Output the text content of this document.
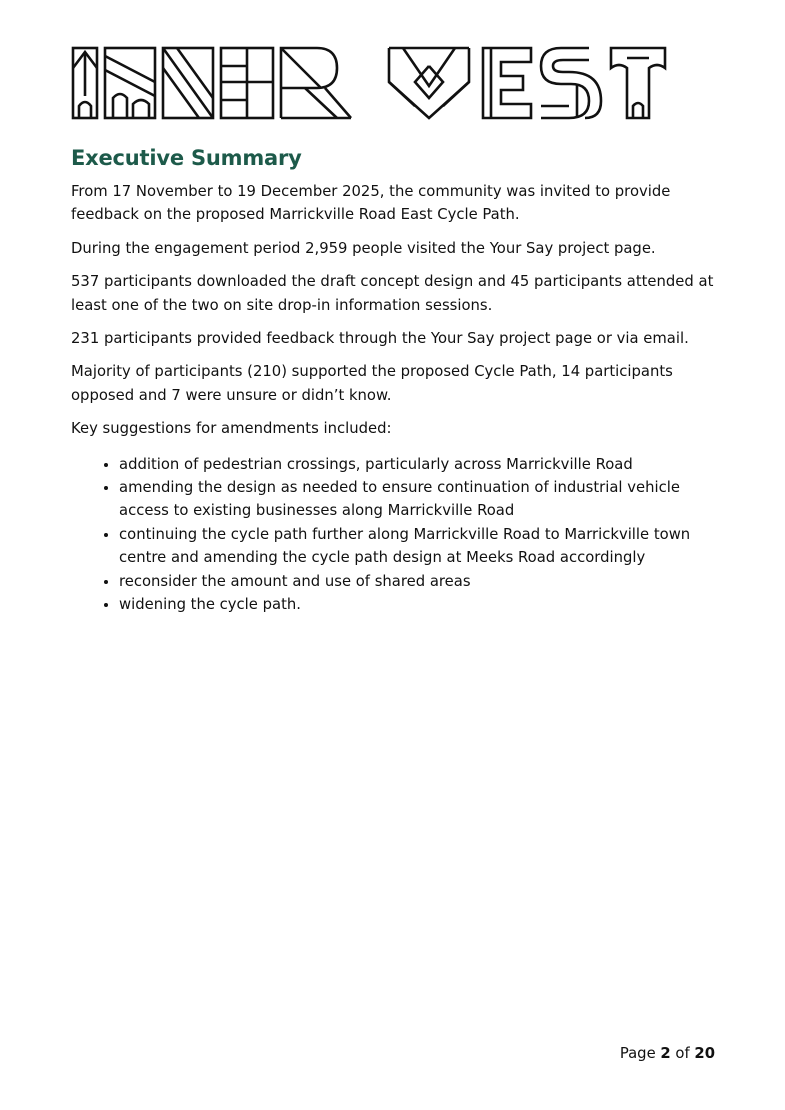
Executive Summary

From 17 November to 19 December 2025, the community was invited to provide feedback on the proposed Marrickville Road East Cycle Path.

During the engagement period 2,959 people visited the Your Say project page.

537 participants downloaded the draft concept design and 45 participants attended at least one of the two on site drop-in information sessions.

231 participants provided feedback through the Your Say project page or via email.

Majority of participants (210) supported the proposed Cycle Path, 14 participants opposed and 7 were unsure or didn’t know.

Key suggestions for amendments included:

• addition of pedestrian crossings, particularly across Marrickville Road
• amending the design as needed to ensure continuation of industrial vehicle access to existing businesses along Marrickville Road
• continuing the cycle path further along Marrickville Road to Marrickville town centre and amending the cycle path design at Meeks Road accordingly
• reconsider the amount and use of shared areas
• widening the cycle path.
Page 2 of 20
